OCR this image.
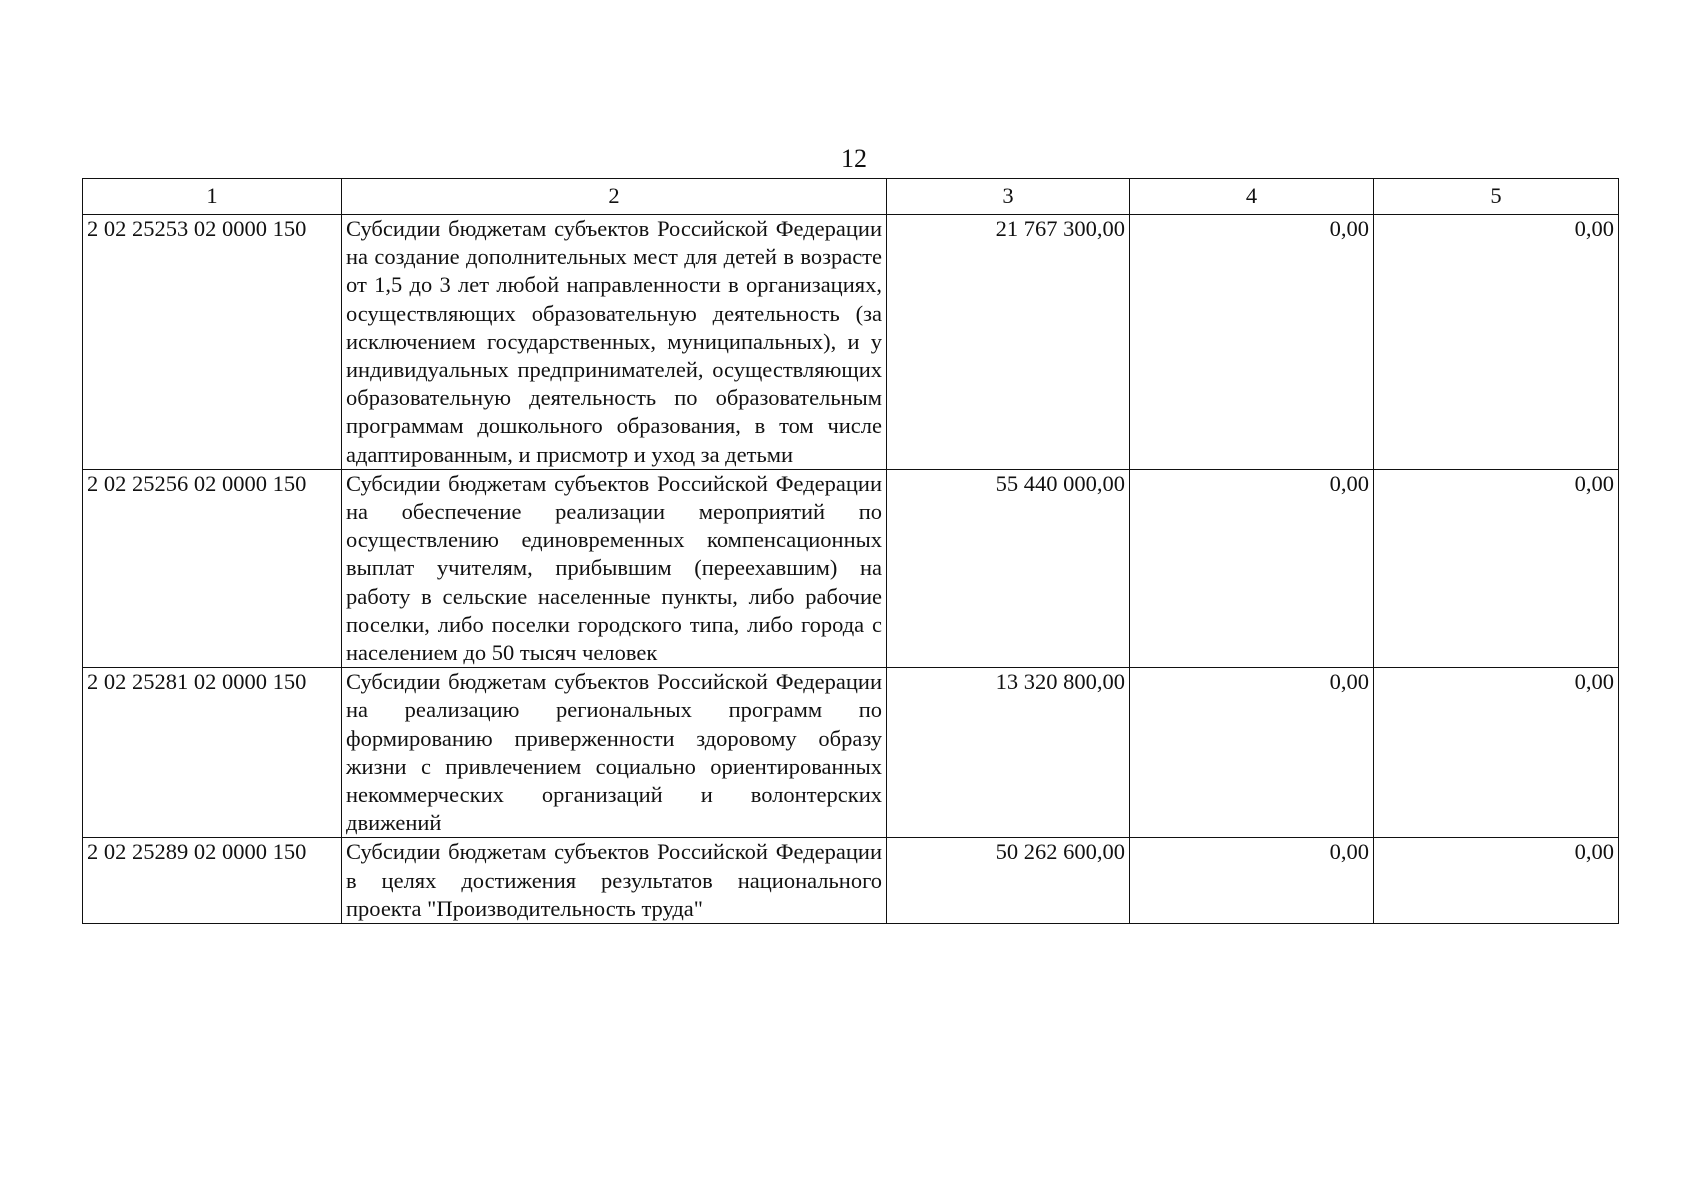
12
1	2	3	4	5
2 02 25253 02 0000 150	Субсидии бюджетам субъектов Российской Федерации на создание дополнительных мест для детей в возрасте от 1,5 до 3 лет любой направленности в организациях, осуществляющих образовательную деятельность (за исключением государственных, муниципальных), и у индивидуальных предпринимателей, осуществляющих образовательную деятельность по образовательным программам дошкольного образования, в том числе адаптированным, и присмотр и уход за детьми	21 767 300,00	0,00	0,00
2 02 25256 02 0000 150	Субсидии бюджетам субъектов Российской Федерации на обеспечение реализации мероприятий по осуществлению единовременных компенсационных выплат учителям, прибывшим (переехавшим) на работу в сельские населенные пункты, либо рабочие поселки, либо поселки городского типа, либо города с населением до 50 тысяч человек	55 440 000,00	0,00	0,00
2 02 25281 02 0000 150	Субсидии бюджетам субъектов Российской Федерации на реализацию региональных программ по формированию приверженности здоровому образу жизни с привлечением социально ориентированных некоммерческих организаций и волонтерских движений	13 320 800,00	0,00	0,00
2 02 25289 02 0000 150	Субсидии бюджетам субъектов Российской Федерации в целях достижения результатов национального проекта "Производительность труда"	50 262 600,00	0,00	0,00
